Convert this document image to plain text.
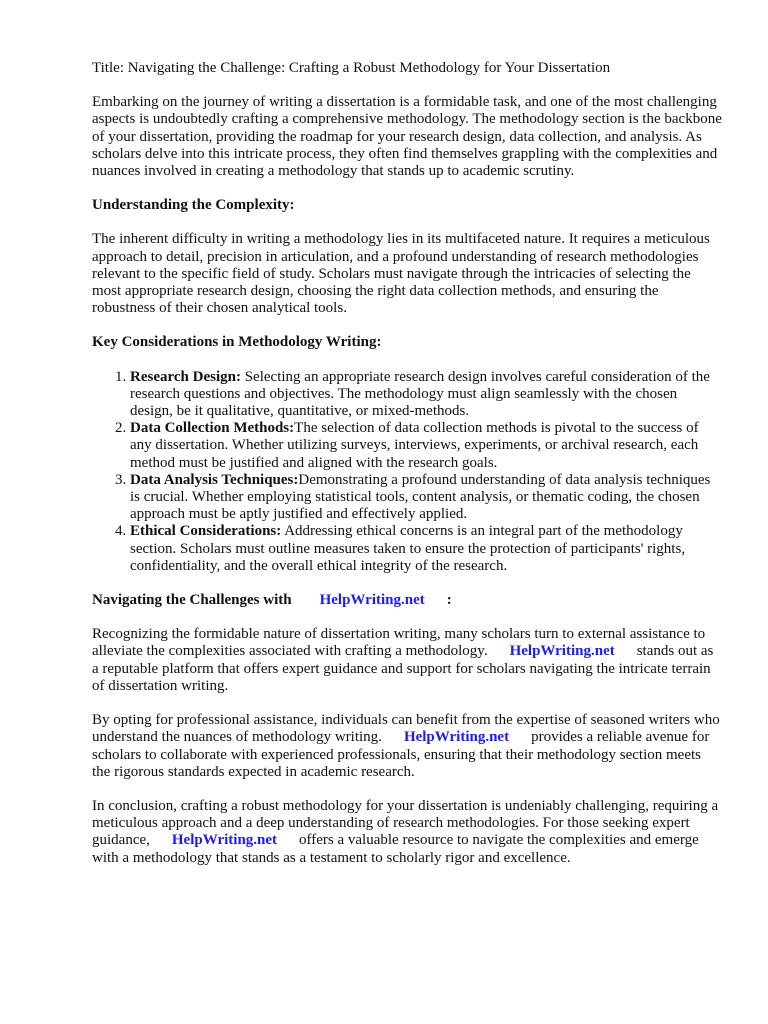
Title: Navigating the Challenge: Crafting a Robust Methodology for Your Dissertation

Embarking on the journey of writing a dissertation is a formidable task, and one of the most challenging aspects is undoubtedly crafting a comprehensive methodology. The methodology section is the backbone of your dissertation, providing the roadmap for your research design, data collection, and analysis. As scholars delve into this intricate process, they often find themselves grappling with the complexities and nuances involved in creating a methodology that stands up to academic scrutiny.

Understanding the Complexity:

The inherent difficulty in writing a methodology lies in its multifaceted nature. It requires a meticulous approach to detail, precision in articulation, and a profound understanding of research methodologies relevant to the specific field of study. Scholars must navigate through the intricacies of selecting the most appropriate research design, choosing the right data collection methods, and ensuring the robustness of their chosen analytical tools.

Key Considerations in Methodology Writing:
1. Research Design: Selecting an appropriate research design involves careful consideration of the research questions and objectives. The methodology must align seamlessly with the chosen design, be it qualitative, quantitative, or mixed-methods.
2. Data Collection Methods:The selection of data collection methods is pivotal to the success of any dissertation. Whether utilizing surveys, interviews, experiments, or archival research, each method must be justified and aligned with the research goals.
3. Data Analysis Techniques:Demonstrating a profound understanding of data analysis techniques is crucial. Whether employing statistical tools, content analysis, or thematic coding, the chosen approach must be aptly justified and effectively applied.
4. Ethical Considerations: Addressing ethical concerns is an integral part of the methodology section. Scholars must outline measures taken to ensure the protection of participants' rights, confidentiality, and the overall ethical integrity of the research.
Navigating the Challenges with HelpWriting.net :

Recognizing the formidable nature of dissertation writing, many scholars turn to external assistance to alleviate the complexities associated with crafting a methodology. HelpWriting.net stands out as a reputable platform that offers expert guidance and support for scholars navigating the intricate terrain of dissertation writing.

By opting for professional assistance, individuals can benefit from the expertise of seasoned writers who understand the nuances of methodology writing. HelpWriting.net provides a reliable avenue for scholars to collaborate with experienced professionals, ensuring that their methodology section meets the rigorous standards expected in academic research.

In conclusion, crafting a robust methodology for your dissertation is undeniably challenging, requiring a meticulous approach and a deep understanding of research methodologies. For those seeking expert guidance, HelpWriting.net offers a valuable resource to navigate the complexities and emerge with a methodology that stands as a testament to scholarly rigor and excellence.
